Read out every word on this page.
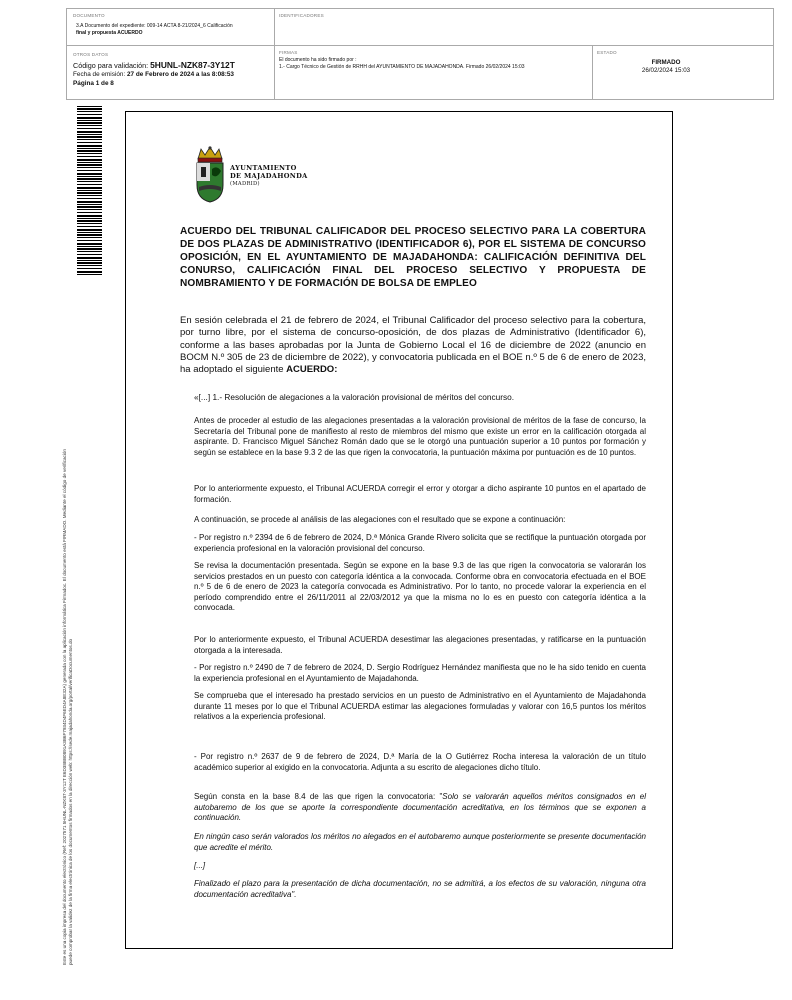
DOCUMENTO
3.A Documento del expediente: 009-14 ACTA 8-21/2024_6 Calificación
final y propuesta ACUERDO
IDENTIFICADORES
OTROS DATOS
Código para validación: 5HUNL-NZK87-3Y12T
Fecha de emisión: 27 de Febrero de 2024 a las 8:08:53
Página 1 de 8
FIRMAS
El documento ha sido firmado por :
1.- Cargo Técnico de Gestión de RRHH del AYUNTAMIENTO DE MAJADAHONDA. Firmado 26/02/2024 15:03
ESTADO
FIRMADO
26/02/2024 15:03
Este es una copia impresa del documento electrónico (Ref: 2027571 5HUNL-NZK87-3Y12T E6D38BB0891A3B6F7934D4F6ED4A8E32A) generada con la aplicación informática Firmadoc. El documento está FIRMADO. Mediante el código de verificación puede comprobar la validez de la firma electrónica de los documentos firmados en la dirección web: https://sede.majadahonda.org/portal/verificaDocumentos.do
AYUNTAMIENTO
DE MAJADAHONDA
(MADRID)
ACUERDO DEL TRIBUNAL CALIFICADOR DEL PROCESO SELECTIVO PARA LA COBERTURA DE DOS PLAZAS DE ADMINISTRATIVO (IDENTIFICADOR 6), POR EL SISTEMA DE CONCURSO OPOSICIÓN, EN EL AYUNTAMIENTO DE MAJADAHONDA: CALIFICACIÓN DEFINITIVA DEL CONURSO, CALIFICACIÓN FINAL DEL PROCESO SELECTIVO Y PROPUESTA DE NOMBRAMIENTO Y DE FORMACIÓN DE BOLSA DE EMPLEO
En sesión celebrada el 21 de febrero de 2024, el Tribunal Calificador del proceso selectivo para la cobertura, por turno libre, por el sistema de concurso-oposición, de dos plazas de Administrativo (Identificador 6), conforme a las bases aprobadas por la Junta de Gobierno Local el 16 de diciembre de 2022 (anuncio en BOCM N.º 305 de 23 de diciembre de 2022), y convocatoria publicada en el BOE n.º 5 de 6 de enero de 2023, ha adoptado el siguiente ACUERDO:

«[...] 1.- Resolución de alegaciones a la valoración provisional de méritos del concurso.

Antes de proceder al estudio de las alegaciones presentadas a la valoración provisional de méritos de la fase de concurso, la Secretaría del Tribunal pone de manifiesto al resto de miembros del mismo que existe un error en la calificación otorgada al aspirante. D. Francisco Miguel Sánchez Román dado que se le otorgó una puntuación superior a 10 puntos por formación y según se establece en la base 9.3 2 de las que rigen la convocatoria, la puntuación máxima por puntuación es de 10 puntos.

Por lo anteriormente expuesto, el Tribunal ACUERDA corregir el error y otorgar a dicho aspirante 10 puntos en el apartado de formación.

A continuación, se procede al análisis de las alegaciones con el resultado que se expone a continuación:

- Por registro n.º 2394 de 6 de febrero de 2024, D.ª Mónica Grande Rivero solicita que se rectifique la puntuación otorgada por experiencia profesional en la valoración provisional del concurso.

Se revisa la documentación presentada. Según se expone en la base 9.3 de las que rigen la convocatoria se valorarán los servicios prestados en un puesto con categoría idéntica a la convocada. Conforme obra en convocatoria efectuada en el BOE n.º 5 de 6 de enero de 2023 la categoría convocada es Administrativo. Por lo tanto, no procede valorar la experiencia en el período comprendido entre el 26/11/2011 al 22/03/2012 ya que la misma no lo es en puesto con categoría idéntica a la convocada.

Por lo anteriormente expuesto, el Tribunal ACUERDA desestimar las alegaciones presentadas, y ratificarse en la puntuación otorgada a la interesada.

- Por registro n.º 2490 de 7 de febrero de 2024, D. Sergio Rodríguez Hernández manifiesta que no le ha sido tenido en cuenta la experiencia profesional en el Ayuntamiento de Majadahonda.

Se comprueba que el interesado ha prestado servicios en un puesto de Administrativo en el Ayuntamiento de Majadahonda durante 11 meses por lo que el Tribunal ACUERDA estimar las alegaciones formuladas y valorar con 16,5 puntos los méritos relativos a la experiencia profesional.

- Por registro n.º 2637 de 9 de febrero de 2024, D.ª María de la O Gutiérrez Rocha interesa la valoración de un título académico superior al exigido en la convocatoria. Adjunta a su escrito de alegaciones dicho título.

Según consta en la base 8.4 de las que rigen la convocatoria: "Solo se valorarán aquellos méritos consignados en el autobaremo de los que se aporte la correspondiente documentación acreditativa, en los términos que se exponen a continuación.

En ningún caso serán valorados los méritos no alegados en el autobaremo aunque posteriormente se presente documentación que acredite el mérito.

[...]

Finalizado el plazo para la presentación de dicha documentación, no se admitirá, a los efectos de su valoración, ninguna otra documentación acreditativa".
